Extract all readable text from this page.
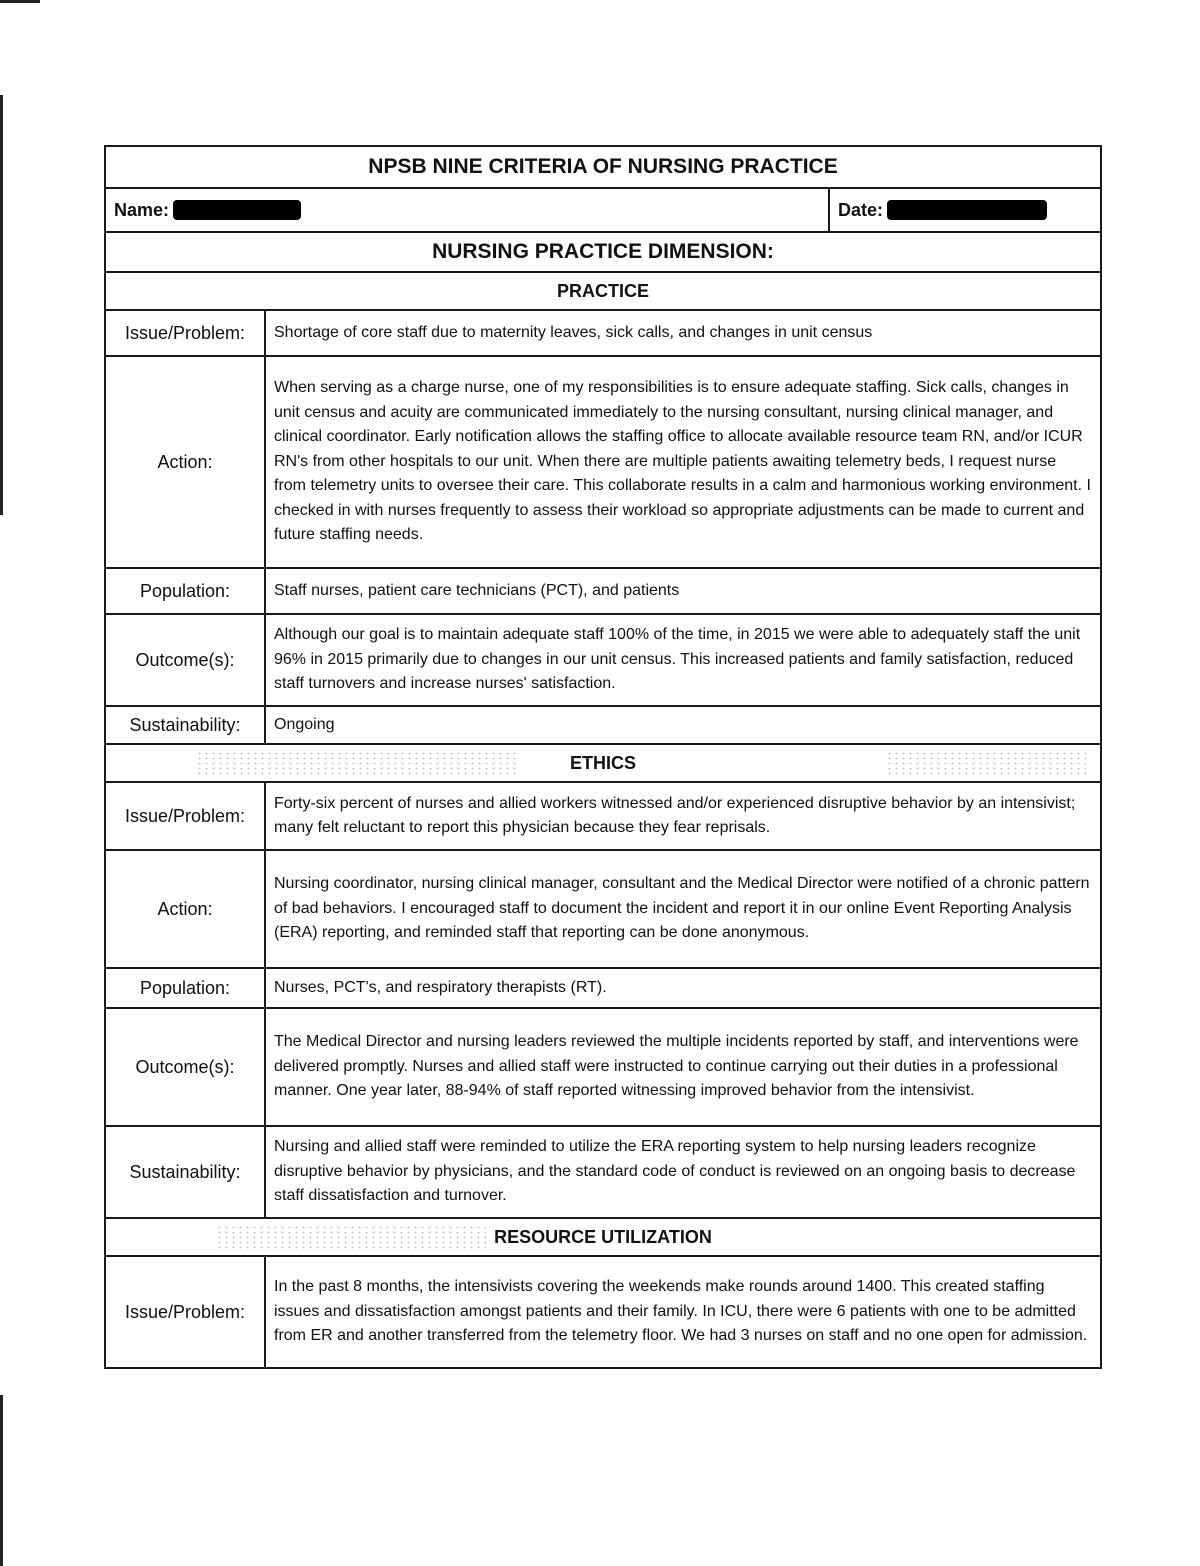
NPSB NINE CRITERIA OF NURSING PRACTICE
Name:	Date:
NURSING PRACTICE DIMENSION:
PRACTICE
Issue/Problem:	Shortage of core staff due to maternity leaves, sick calls, and changes in unit census
Action:
When serving as a charge nurse, one of my responsibilities is to ensure adequate staffing. Sick calls, changes in unit census and acuity are communicated immediately to the nursing consultant, nursing clinical manager, and clinical coordinator. Early notification allows the staffing office to allocate available resource team RN, and/or ICUR RN's from other hospitals to our unit. When there are multiple patients awaiting telemetry beds, I request nurse from telemetry units to oversee their care. This collaborate results in a calm and harmonious working environment. I checked in with nurses frequently to assess their workload so appropriate adjustments can be made to current and future staffing needs.
Population:	Staff nurses, patient care technicians (PCT), and patients
Outcome(s):
Although our goal is to maintain adequate staff 100% of the time, in 2015 we were able to adequately staff the unit 96% in 2015 primarily due to changes in our unit census. This increased patients and family satisfaction, reduced staff turnovers and increase nurses' satisfaction.
Sustainability:	Ongoing
ETHICS
Issue/Problem:
Forty-six percent of nurses and allied workers witnessed and/or experienced disruptive behavior by an intensivist; many felt reluctant to report this physician because they fear reprisals.
Action:
Nursing coordinator, nursing clinical manager, consultant and the Medical Director were notified of a chronic pattern of bad behaviors. I encouraged staff to document the incident and report it in our online Event Reporting Analysis (ERA) reporting, and reminded staff that reporting can be done anonymous.
Population:	Nurses, PCT's, and respiratory therapists (RT).
Outcome(s):
The Medical Director and nursing leaders reviewed the multiple incidents reported by staff, and interventions were delivered promptly. Nurses and allied staff were instructed to continue carrying out their duties in a professional manner. One year later, 88-94% of staff reported witnessing improved behavior from the intensivist.
Sustainability:
Nursing and allied staff were reminded to utilize the ERA reporting system to help nursing leaders recognize disruptive behavior by physicians, and the standard code of conduct is reviewed on an ongoing basis to decrease staff dissatisfaction and turnover.
RESOURCE UTILIZATION
Issue/Problem:
In the past 8 months, the intensivists covering the weekends make rounds around 1400. This created staffing issues and dissatisfaction amongst patients and their family. In ICU, there were 6 patients with one to be admitted from ER and another transferred from the telemetry floor. We had 3 nurses on staff and no one open for admission.
